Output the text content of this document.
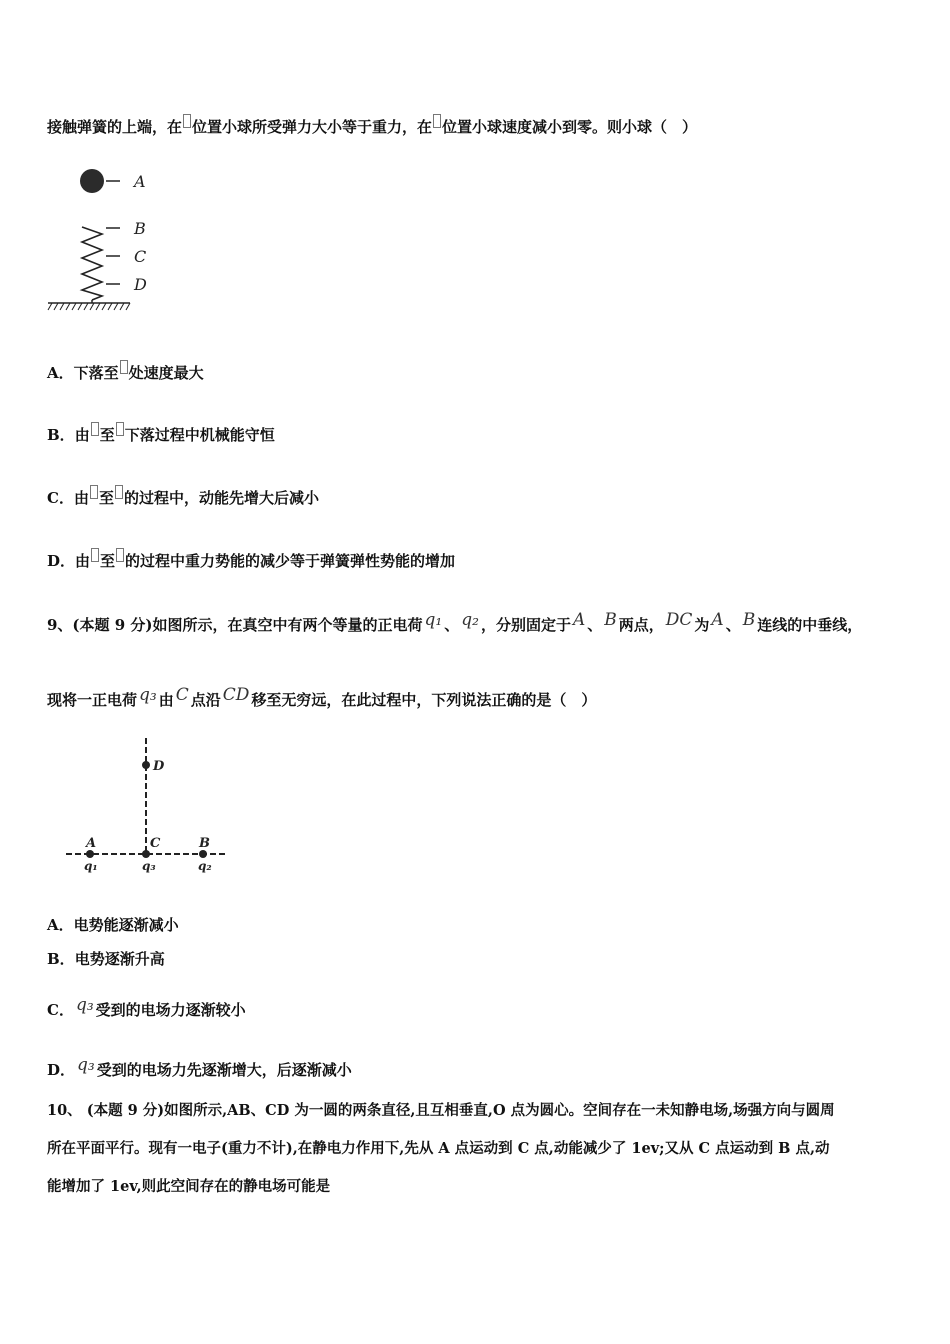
接触弹簧的上端，在 位置小球所受弹力大小等于重力，在 位置小球速度减小到零。则小球（　）
A
B
C
D
A．下落至 处速度最大
B．由 至 下落过程中机械能守恒
C．由 至 的过程中，动能先增大后减小
D．由 至 的过程中重力势能的减少等于弹簧弹性势能的增加
9、(本题 9 分)如图所示，在真空中有两个等量的正电荷 q₁ 、 q₂ ，分别固定于 A 、 B 两点， DC 为 A 、 B 连线的中垂线，
现将一正电荷 q₃ 由 C 点沿 CD 移至无穷远，在此过程中，下列说法正确的是（　）
D
A
q₁
C
q₃
B
q₂
A．电势能逐渐减小
B．电势逐渐升高
C． q₃ 受到的电场力逐渐较小
D． q₃ 受到的电场力先逐渐增大，后逐渐减小
10、 (本题 9 分)如图所示,AB、CD 为一圆的两条直径,且互相垂直,O 点为圆心。空间存在一未知静电场,场强方向与圆周
所在平面平行。现有一电子(重力不计),在静电力作用下,先从 A 点运动到 C 点,动能减少了 1ev;又从 C 点运动到 B 点,动
能增加了 1ev,则此空间存在的静电场可能是
